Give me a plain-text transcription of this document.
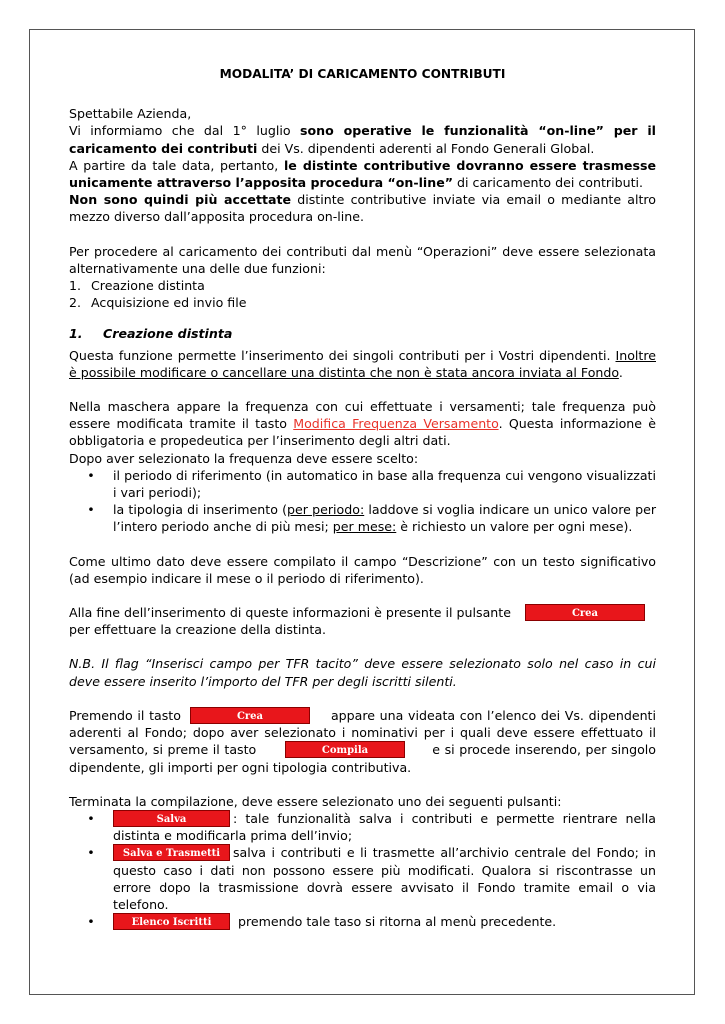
MODALITA’ DI CARICAMENTO CONTRIBUTI

Spettabile Azienda,

Vi informiamo che dal 1° luglio sono operative le funzionalità “on-line” per il caricamento dei contributi dei Vs. dipendenti aderenti al Fondo Generali Global.

A partire da tale data, pertanto, le distinte contributive dovranno essere trasmesse unicamente attraverso l’apposita procedura “on-line” di caricamento dei contributi.

Non sono quindi più accettate distinte contributive inviate via email o mediante altro mezzo diverso dall’apposita procedura on-line.

Per procedere al caricamento dei contributi dal menù “Operazioni” deve essere selezionata alternativamente una delle due funzioni:

1. Creazione distinta
2. Acquisizione ed invio file
1.	Creazione distinta

Questa funzione permette l’inserimento dei singoli contributi per i Vostri dipendenti. Inoltre è possibile modificare o cancellare una distinta che non è stata ancora inviata al Fondo.

Nella maschera appare la frequenza con cui effettuate i versamenti; tale frequenza può essere modificata tramite il tasto Modifica Frequenza Versamento. Questa informazione è obbligatoria e propedeutica per l’inserimento degli altri dati.

Dopo aver selezionato la frequenza deve essere scelto:

•	il periodo di riferimento (in automatico in base alla frequenza cui vengono visualizzati i vari periodi);
•	la tipologia di inserimento (per periodo: laddove si voglia indicare un unico valore per l’intero periodo anche di più mesi; per mese: è richiesto un valore per ogni mese).

Come ultimo dato deve essere compilato il campo “Descrizione” con un testo significativo (ad esempio indicare il mese o il periodo di riferimento).

Alla fine dell’inserimento di queste informazioni è presente il pulsante

per effettuare la creazione della distinta.

Crea

N.B. Il flag “Inserisci campo per TFR tacito” deve essere selezionato solo nel caso in cui deve essere inserito l’importo del TFR per degli iscritti silenti.

Premendo il tasto	appare una videata con l’elenco dei Vs. dipendenti aderenti al Fondo; dopo aver selezionato i nominativi per i quali deve essere effettuato il versamento, si preme il tasto	e si procede inserendo, per singolo dipendente, gli importi per ogni tipologia contributiva.

Crea
Compila

Terminata la compilazione, deve essere selezionato uno dei seguenti pulsanti:

•	: tale funzionalità salva i contributi e permette rientrare nella distinta e modificarla prima dell’invio;
Salva
•	salva i contributi e li trasmette all’archivio centrale del Fondo; in questo caso i dati non possono essere più modificati. Qualora si riscontrasse un errore dopo la trasmissione dovrà essere avvisato il Fondo tramite email o via telefono.
Salva e Trasmetti
•	premendo tale taso si ritorna al menù precedente.
Elenco Iscritti
